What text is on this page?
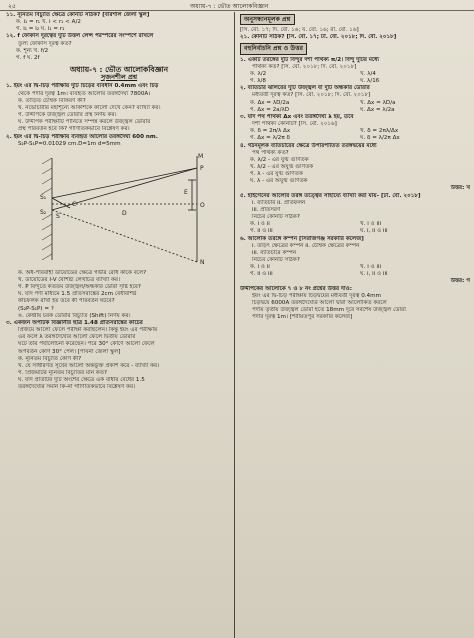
২৫	অধ্যায়-৭ : ভৌত আলোকবিজ্ঞান
১১. ন্যূনতম বিচ্যুতি ক্ষেত্রে কোনটি সঠিক? [বরিশাল জেলা স্কুল]
ক. i₁ = r₁ খ. i < r₁ < A/2
গ. i₁ = i₂ ঘ. i₁ = r₂
১২. f ফোকাস দূরত্বের দুটি উত্তল লেন্স পরস্পরের সংস্পর্শে রাখলে
তুল্য ফোকাস দূরত্ব কত?
ক. শূন্য খ. f/2
গ. f ঘ. 2f
অধ্যায়-৭ : ভৌত আলোকবিজ্ঞান
সৃজনশীল প্রশ্ন
১. ইয়ং এর দ্বি-চিড় পরীক্ষায় দুটি চিড়ের ব্যবধান 0.4mm এবং চিড়
থেকে পর্দার দূরত্ব 1m। ব্যবহৃত আলোর তরঙ্গদৈর্ঘ্য 7800Å।
ক. তাড়িত চৌম্বক বিকিরণ কী?
খ. নভোচারীর মহাশূন্যে আকাশকে কালো দেখে কেন? ব্যাখ্যা কর।
গ. উদ্দীপকে উজ্জ্বল ডোরার প্রস্থ নির্ণয় কর।
ঘ. উদ্দীপক পরীক্ষাটি পানিতে সম্পন্ন করলে উজ্জ্বল ডোরার
প্রস্থ পরিবর্তন হবে কি? গাণিতিকভাবে বিশ্লেষণ কর।
২. ইয়ং এর দ্বি-চিড় পরীক্ষায় ব্যবহৃত আলোর তরঙ্গদৈর্ঘ্য 600 nm.
S₂P-S₁P=0.01029 cm.D=1m d=5mm
M
P
S₁
S₂
S
O
E
D
C
N
ক. অর্ধ-পরিবাহী ডায়োডের ক্ষেত্রে গভীর রোধ কাকে বলে?
খ. ডায়োডের I-V বৈশিষ্ট্য লেখচিত্র ব্যাখ্যা কর।
গ. P বিন্দুতে কততম উজ্জ্বল/অন্ধকার ডোরা সৃষ্টি হবে?
ঘ. যদি পর্দা মাধ্যমে 1.5 প্রতিসরাঙ্কের 2cm বেধবিশিষ্ট
কাঁচফলক রাখা হয় তবে কী পরিবর্তন ঘটবে?
(S₂P-S₁P) = ?
ঙ. কেন্দ্রীয় চরক ডোরার বিচ্যুতি (Shift) নির্ণয় কর।
৩. একজন অপটিক বিজ্ঞানীর ছাত্র 1.48 প্রতিসরাঙ্কের কাঁচের
প্রিজমে আলো ফেলে পরীক্ষা করছিলেন। কিন্তু ইয়ং এর পরীক্ষায়
এর ফলে λ তরঙ্গদৈর্ঘ্যের আলো ফেলে দ্বিতীয় ডোরার
ঘটে তার পর্যালোচনা করেছেন। পরে 30° কোণে আলো ফেলে
অপবর্তন কোণ 30° পেল। [পাবনা জেলা স্কুল]
ক. ন্যূনতম বিচ্যুতি কোণ কী?
খ. যে সাধারণত সূর্যের আলো অন্তর্ভুক্ত প্রকাশ করে - ব্যাখ্যা কর।
গ. প্রিজমটির ন্যূনতম বিচ্যুতির মান কত?
ঘ. যদি প্রতিটির দুটি অংশের ক্ষেত্রে এক বাধার বেধের 1.5
তরঙ্গদৈর্ঘ্যের সমান কি-না গাণিতিকভাবে বিশ্লেষণ কর।
অনুসন্ধানমূলক প্রশ্ন
[সি. বো. ১৭; দি. বো. ১৬; য. বো. ১৬; রা. বো. ১৬]
২১. কোনটি সঠিক? [সি. বো. ১৭; ঢা. বো. ২০১৮; দি. বো. ২০১৮]
বহুনির্বাচনি প্রশ্ন ও উত্তর
১. একটি তরঙ্গের দুটি বিন্দুর দশা পার্থক্য π/2। বিন্দু দুটির মধ্যে
পার্থক্য কত? [সি. বো. ২০১৮; দি. বো. ২০১৮]
ক. λ/2	খ. λ/4
গ. λ/8	ঘ. λ/16
২. ব্যতিচার ঝালরের দুটি উজ্জ্বল বা দুটি অন্ধকার ডোরার
মধ্যবর্তী দূরত্ব কত? [সি. বো. ২০১৮; দি. বো. ২০১৮]
ক. Δx = λD/2a	খ. Δx = λD/a
গ. Δx = 2a/λD	ঘ. Δx = λ/2a
৩. যদি পথ পার্থক্য Δx এবং তরঙ্গদৈর্ঘ্য λ হয়, তবে
দশা পার্থক্য কোনটি? [সি. বো. ২০১৬]
ক. δ = 2π/λ Δx	খ. δ = 2πλ/Δx
গ. Δx = λ/2π δ	ঘ. δ = λ/2π Δx
৪. গঠনমূলক ব্যতিচারের ক্ষেত্রে উপরিপাতিত তরঙ্গদ্বয়ের মধ্যে
পথ পার্থক্য কত?
ক. λ/2 - এর যুগ্ম গুণিতক
খ. λ/2 - এর অযুগ্ম গুণিতক
গ. λ - এর যুগ্ম গুণিতক
ঘ. λ - এর অযুগ্ম গুণিতক
উত্তর: খ
৫. হাইগেনের আলোর তরঙ্গ তত্ত্বের সাহায্যে ব্যাখ্যা করা যায়- [ঢা. বো. ২০১৮]
i. ব্যতিচার ii. প্রতিফলন
iii. প্রতিসরণ
নিচের কোনটি সঠিক?
ক. i ও ii	খ. i ও iii
গ. ii ও iii	ঘ. i, ii ও iii
৬. আলোক তরঙ্গে কম্পন [সিরাজগঞ্জ সরকারি কলেজ]
i. তড়িৎ ক্ষেত্রের কম্পন ii. চৌম্বক ক্ষেত্রের কম্পন
iii. ব্যতিচারে কম্পন
নিচের কোনটি সঠিক?
ক. i ও ii	খ. i ও iii
গ. ii ও iii	ঘ. i, ii ও iii
উত্তর: গ
উদ্দীপকের আলোকে ৭ ও ৮ নং প্রশ্নের উত্তর দাও:
ইয়ং এর দ্বি-চিড় পরীক্ষায় চিড়দ্বয়ের মধ্যবর্তী দূরত্ব 0.4mm
চিড়দ্বয়ে 6000Å তরঙ্গদৈর্ঘ্যের আলো দ্বারা আলোকিত করলে
পর্দায় তৃতীয় উজ্জ্বল ডোরা হতে 18mm দূরে সর্বশেষ উজ্জ্বল ডোরা
পর্দার দূরত্ব 1m। [শরীয়তপুর সরকারি কলেজ]
